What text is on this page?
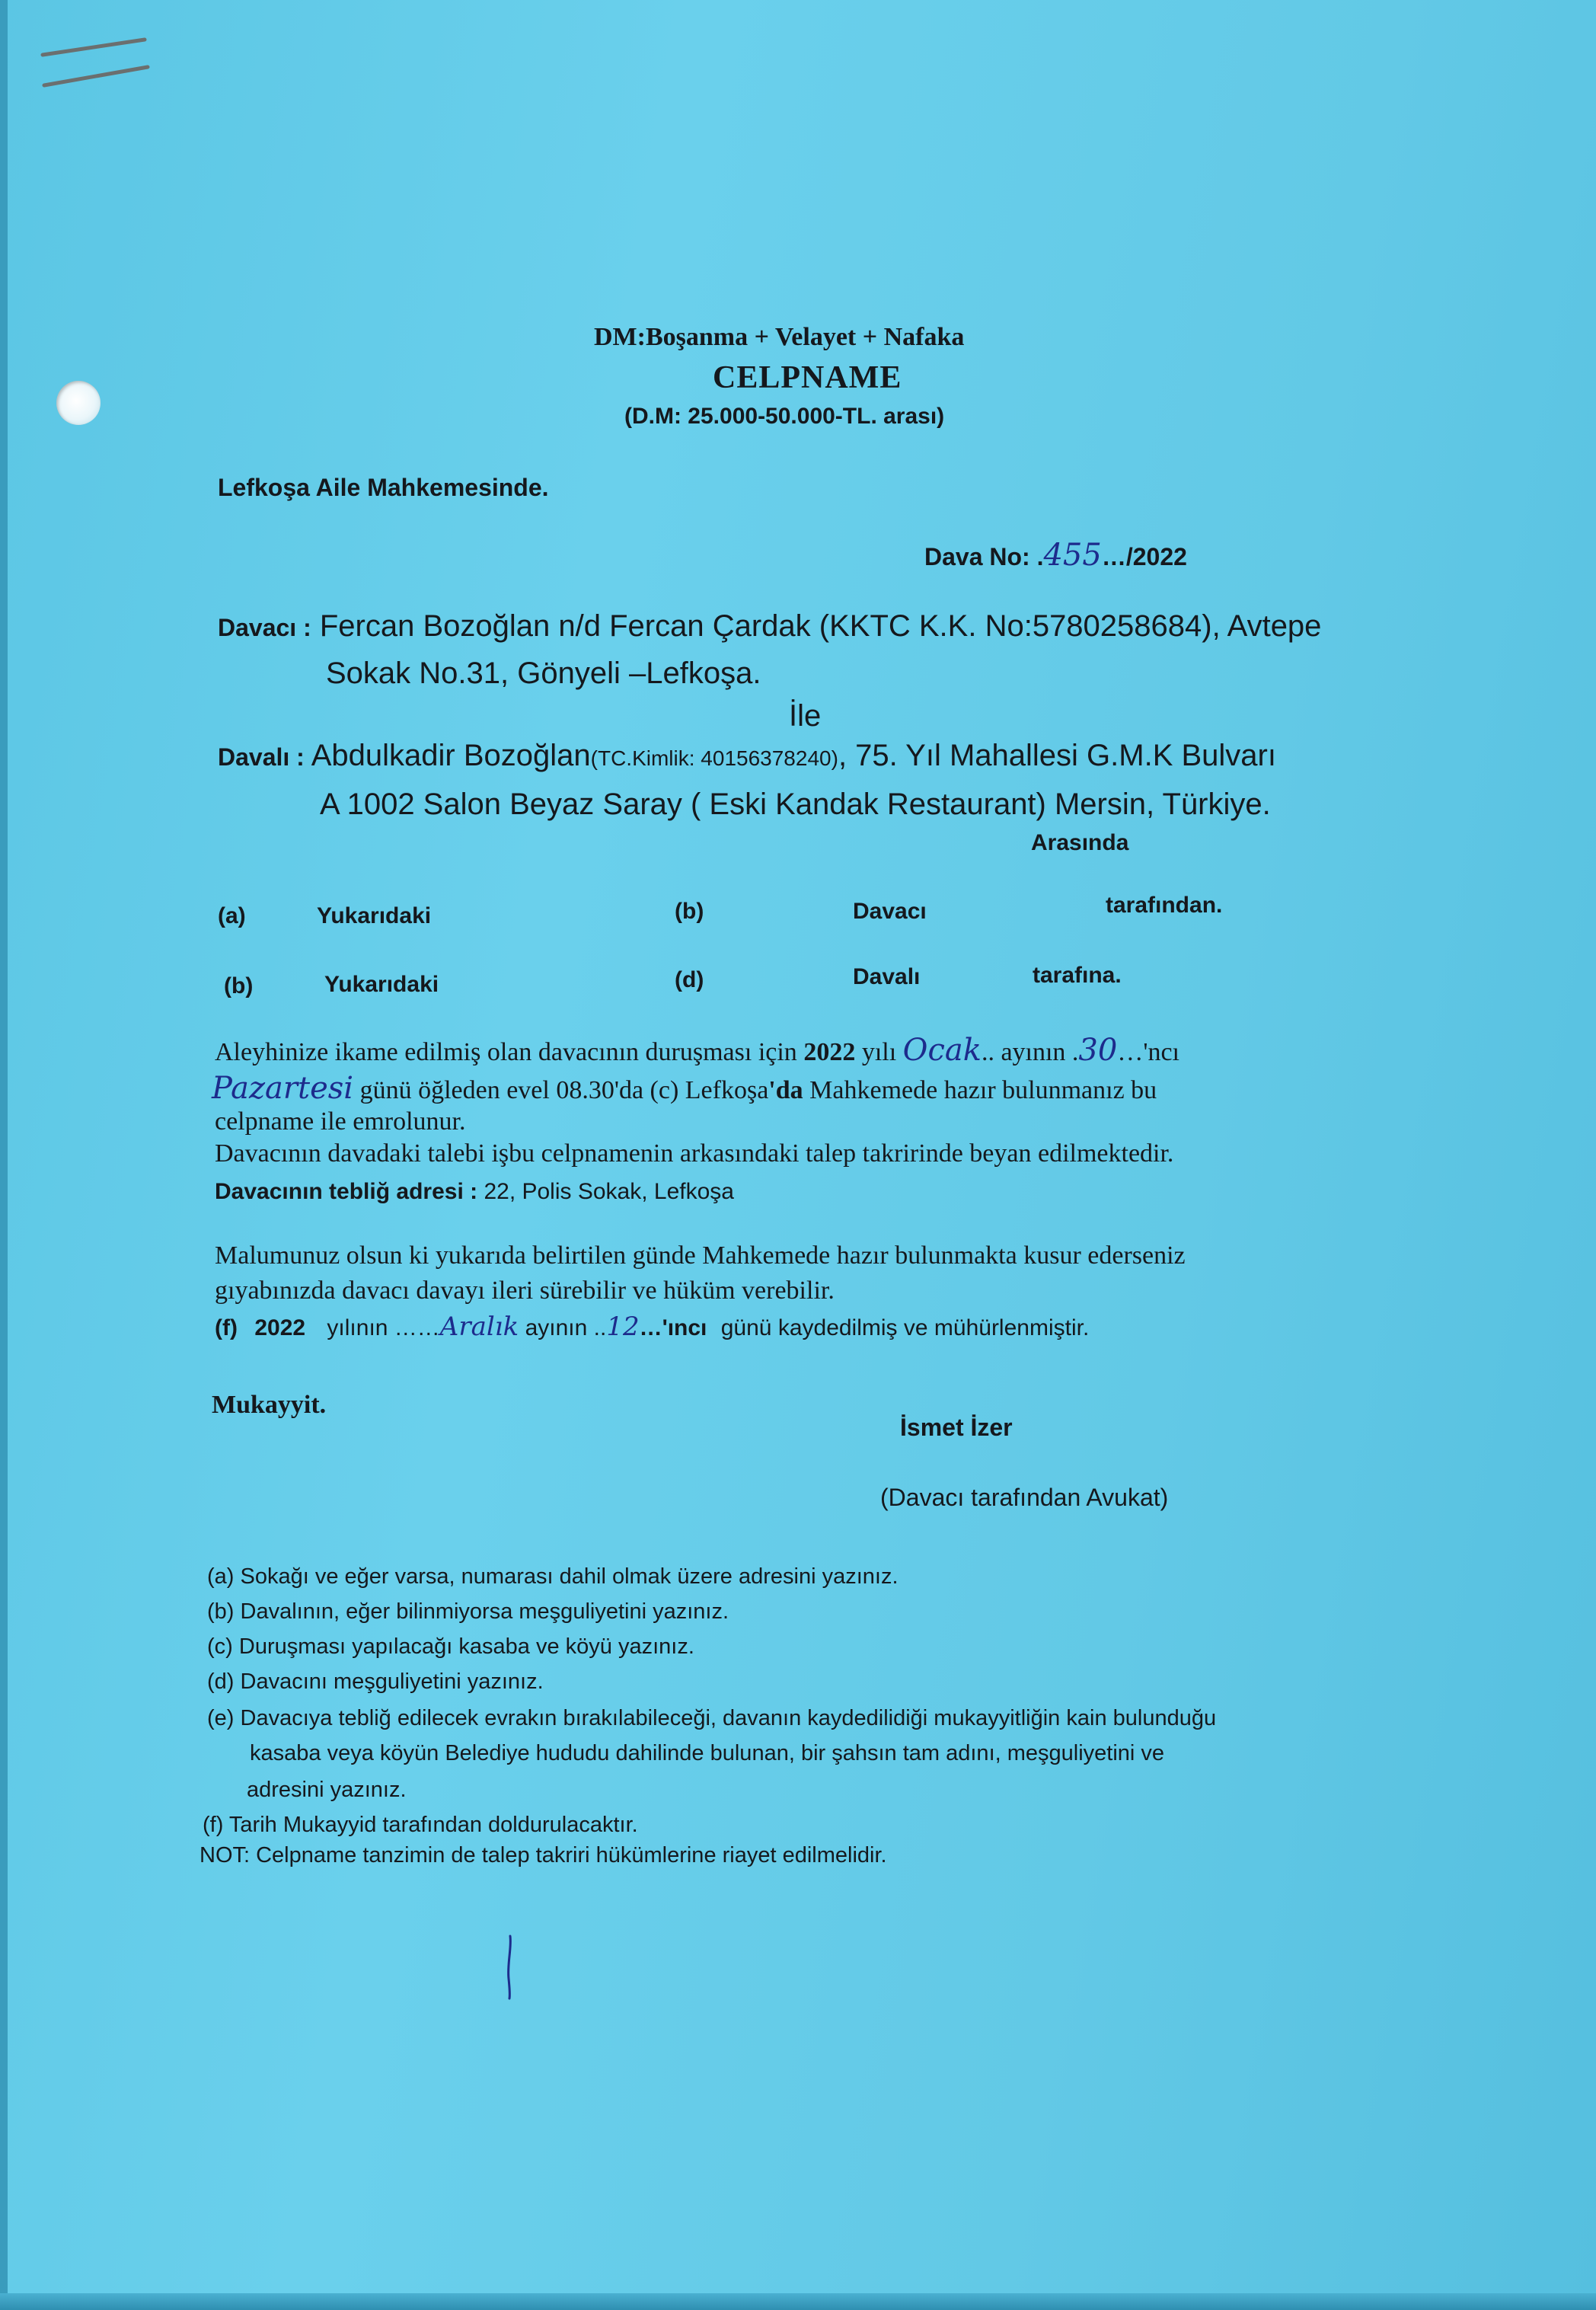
DM:Boşanma + Velayet + Nafaka
CELPNAME
(D.M: 25.000-50.000-TL. arası)
Lefkoşa Aile Mahkemesinde.
Dava No: .455…/2022
Davacı : Fercan Bozoğlan n/d Fercan Çardak (KKTC K.K. No:5780258684), Avtepe
Sokak No.31, Gönyeli –Lefkoşa.
İle
Davalı : Abdulkadir Bozoğlan(TC.Kimlik: 40156378240), 75. Yıl Mahallesi G.M.K Bulvarı
A 1002 Salon Beyaz Saray ( Eski Kandak Restaurant) Mersin, Türkiye.
Arasında
(a)	Yukarıdaki	(b)	Davacı	tarafından.
(b)	Yukarıdaki	(d)	Davalı	tarafına.
Aleyhinize ikame edilmiş olan davacının duruşması için 2022 yılı Ocak.. ayının .30…'ncı
Pazartesi günü öğleden evel 08.30'da (c) Lefkoşa'da Mahkemede hazır bulunmanız bu
celpname ile emrolunur.
Davacının davadaki talebi işbu celpnamenin arkasındaki talep takririnde beyan edilmektedir.
Davacının tebliğ adresi : 22, Polis Sokak, Lefkoşa
Malumunuz olsun ki yukarıda belirtilen günde Mahkemede hazır bulunmakta kusur ederseniz
gıyabınızda davacı davayı ileri sürebilir ve hüküm verebilir.
(f) 2022 yılının ……Aralık ayının ..12…'ıncı günü kaydedilmiş ve mühürlenmiştir.
Mukayyit.
İsmet İzer
(Davacı tarafından Avukat)
(a) Sokağı ve eğer varsa, numarası dahil olmak üzere adresini yazınız.
(b) Davalının, eğer bilinmiyorsa meşguliyetini yazınız.
(c) Duruşması yapılacağı kasaba ve köyü yazınız.
(d) Davacını meşguliyetini yazınız.
(e) Davacıya tebliğ edilecek evrakın bırakılabileceği, davanın kaydedilidiği mukayyitliğin kain bulunduğu
kasaba veya köyün Belediye hududu dahilinde bulunan, bir şahsın tam adını, meşguliyetini ve
adresini yazınız.
(f) Tarih Mukayyid tarafından doldurulacaktır.
NOT: Celpname tanzimin de talep takriri hükümlerine riayet edilmelidir.
